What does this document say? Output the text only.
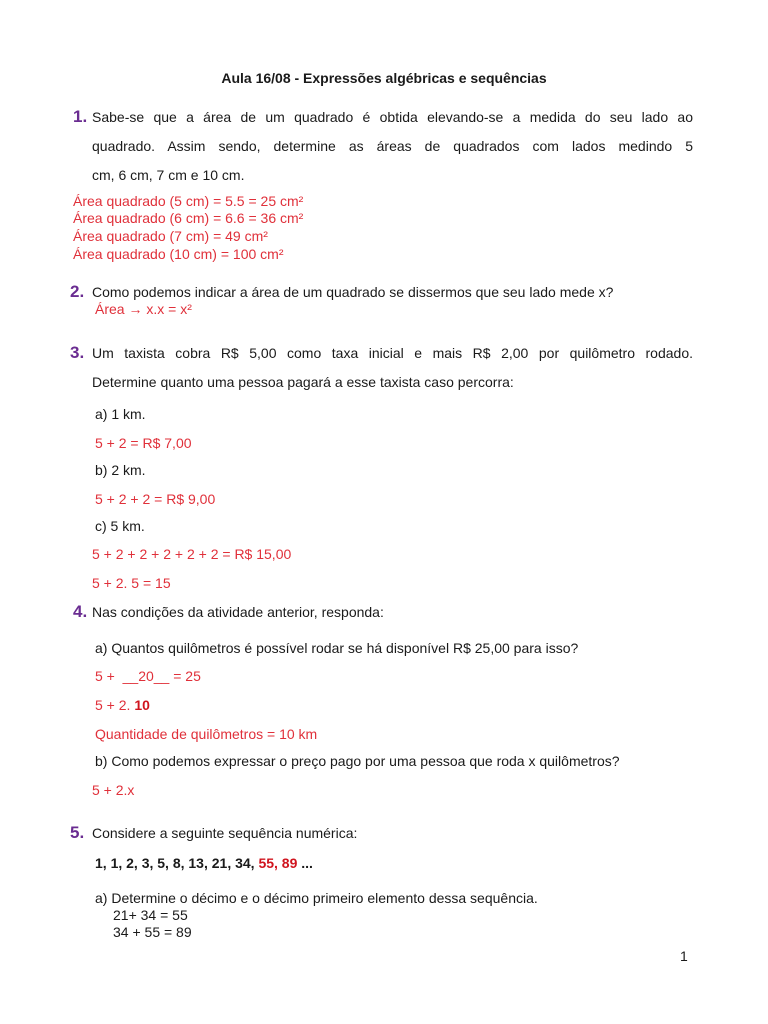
Aula 16/08 - Expressões algébricas e sequências
1. Sabe-se que a área de um quadrado é obtida elevando-se a medida do seu lado ao
quadrado. Assim sendo, determine as áreas de quadrados com lados medindo 5
cm, 6 cm, 7 cm e 10 cm.
Área quadrado (5 cm) = 5.5 = 25 cm²
Área quadrado (6 cm) = 6.6 = 36 cm²
Área quadrado (7 cm) = 49 cm²
Área quadrado (10 cm) = 100 cm²
2. Como podemos indicar a área de um quadrado se dissermos que seu lado mede x?
Área → x.x = x²
3. Um taxista cobra R$ 5,00 como taxa inicial e mais R$ 2,00 por quilômetro rodado.
Determine quanto uma pessoa pagará a esse taxista caso percorra:
a) 1 km.
5 + 2 = R$ 7,00
b) 2 km.
5 + 2 + 2 = R$ 9,00
c) 5 km.
5 + 2 + 2 + 2 + 2 + 2 = R$ 15,00
5 + 2. 5 = 15
4. Nas condições da atividade anterior, responda:
a) Quantos quilômetros é possível rodar se há disponível R$ 25,00 para isso?
5 +  __20__ = 25
5 + 2. 10
Quantidade de quilômetros = 10 km
b) Como podemos expressar o preço pago por uma pessoa que roda x quilômetros?
5 + 2.x
5. Considere a seguinte sequência numérica:
1, 1, 2, 3, 5, 8, 13, 21, 34, 55, 89 ...
a) Determine o décimo e o décimo primeiro elemento dessa sequência.
21+ 34 = 55
34 + 55 = 89
1
